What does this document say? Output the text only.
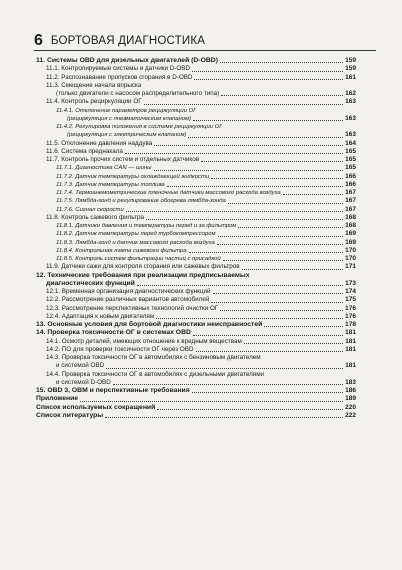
6 БОРТОВАЯ ДИАГНОСТИКА
11. Системы OBD для дизельных двигателей (D-OBD)	159
11.1. Контролируемые системы и датчики D-OBD	159
11.2. Распознавание пропусков сгорания в D-OBD	161
11.3. Смещение начала впрыска
(только двигатели с насосом распределительного типа)	162
11.4. Контроль рециркуляции ОГ	163
11.4.1. Отклонение параметров рециркуляции ОГ
(рециркуляция с пневматическим клапаном)	163
11.4.2. Регулировка положения в системе рециркуляции ОГ
(рециркуляция с электрическим клапаном)	163
11.5. Отклонение давления наддува	164
11.6. Система преднакала	165
11.7. Контроль прочих систем и отдельных датчиков	165
11.7.1. Диагностика CAN — шины	165
11.7.2. Датчик температуры охлаждающей жидкости	166
11.7.3. Датчик температуры топлива	166
11.7.4. Термоанемометрические пленочные датчики массового расхода воздуха	167
11.7.5. Лямбда-зонд и регулирование обогрева лямбда-зонда	167
11.7.6. Сигнал скорости	167
11.8. Контроль сажевого фильтра	168
11.8.1. Датчики давления и температуры перед и за фильтром	168
11.8.2. Датчик температуры перед турбокомпрессором	169
11.8.3. Лямбда-зонд и датчик массового расхода воздуха	169
11.8.4. Контрольная лампа сажевого фильтра	170
11.8.5. Контроль систем фильтрации частиц с присадкой	170
11.9. Датчики сажи для контроля сгорания или сажевых фильтров	171
12. Технические требования при реализации предписываемых
диагностических функций	173
12.1. Временная организация диагностических функций	174
12.2. Рассмотрение различных вариантов автомобилей	175
12.3. Рассмотрение перспективных технологий очистки ОГ	176
12.4. Адаптация к новым двигателям	176
13. Основные условия для бортовой диагностики неисправностей	178
14. Проверка токсичности ОГ в системах OBD	181
14.1. Осмотр деталей, имеющих отношение к вредным веществам	181
14.2. ПО для проверки токсичности ОГ через OBD	181
14.3. Проверка токсичности ОГ в автомобилях с бензиновым двигателем
и системой OBD	181
14.4. Проверка токсичности ОГ в автомобилях с дизельными двигателями
и системой D-OBD	183
15. OBD 3, OBM и перспективные требования	186
Приложение	189
Список используемых сокращений	220
Список литературы	222
